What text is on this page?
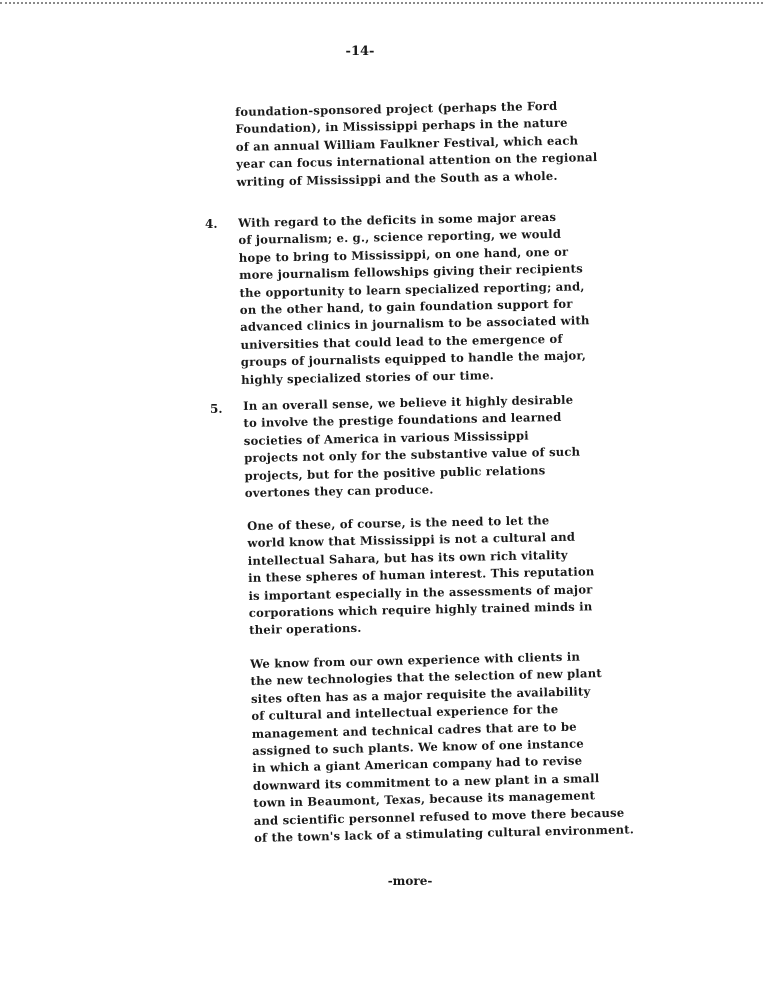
-14-
foundation-sponsored project (perhaps the Ford
Foundation), in Mississippi perhaps in the nature
of an annual William Faulkner Festival, which each
year can focus international attention on the regional
writing of Mississippi and the South as a whole.
4. With regard to the deficits in some major areas
of journalism; e. g., science reporting, we would
hope to bring to Mississippi, on one hand, one or
more journalism fellowships giving their recipients
the opportunity to learn specialized reporting; and,
on the other hand, to gain foundation support for
advanced clinics in journalism to be associated with
universities that could lead to the emergence of
groups of journalists equipped to handle the major,
highly specialized stories of our time.
5. In an overall sense, we believe it highly desirable
to involve the prestige foundations and learned
societies of America in various Mississippi
projects not only for the substantive value of such
projects, but for the positive public relations
overtones they can produce.
One of these, of course, is the need to let the
world know that Mississippi is not a cultural and
intellectual Sahara, but has its own rich vitality
in these spheres of human interest. This reputation
is important especially in the assessments of major
corporations which require highly trained minds in
their operations.
We know from our own experience with clients in
the new technologies that the selection of new plant
sites often has as a major requisite the availability
of cultural and intellectual experience for the
management and technical cadres that are to be
assigned to such plants. We know of one instance
in which a giant American company had to revise
downward its commitment to a new plant in a small
town in Beaumont, Texas, because its management
and scientific personnel refused to move there because
of the town's lack of a stimulating cultural environment.
-more-
